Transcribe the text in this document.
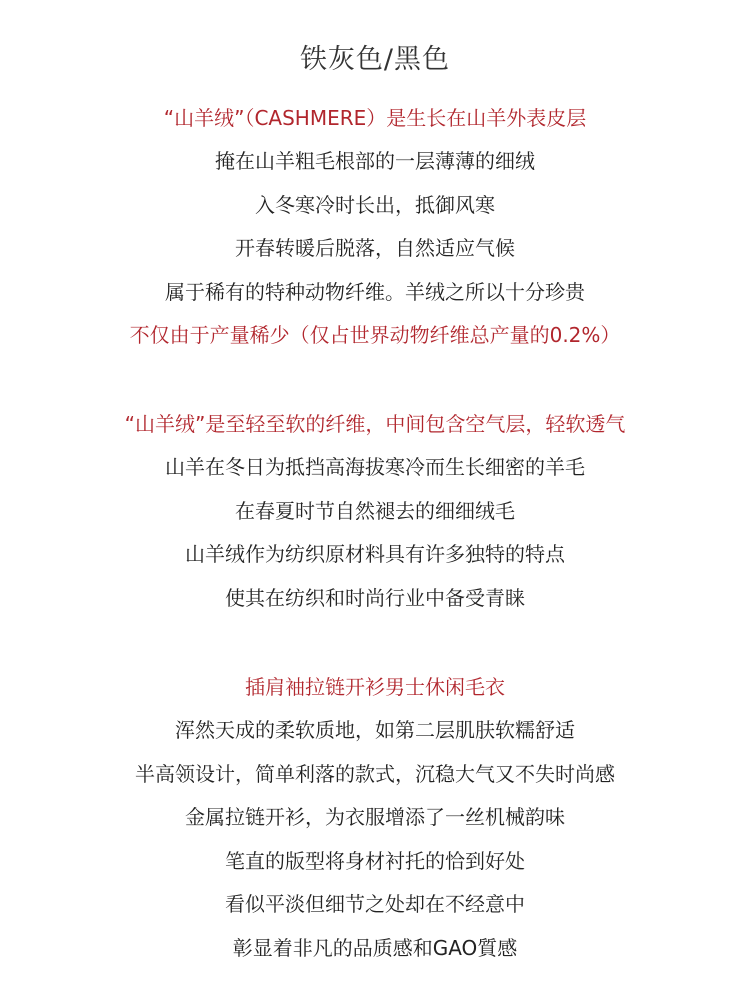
铁灰色/黑色
“山羊绒”（CASHMERE）是生长在山羊外表皮层
掩在山羊粗毛根部的一层薄薄的细绒
入冬寒冷时长出，抵御风寒
开春转暖后脱落，自然适应气候
属于稀有的特种动物纤维。羊绒之所以十分珍贵
不仅由于产量稀少（仅占世界动物纤维总产量的0.2%）
“山羊绒”是至轻至软的纤维，中间包含空气层，轻软透气
山羊在冬日为抵挡高海拔寒冷而生长细密的羊毛
在春夏时节自然褪去的细细绒毛
山羊绒作为纺织原材料具有许多独特的特点
使其在纺织和时尚行业中备受青睐
插肩袖拉链开衫男士休闲毛衣
浑然天成的柔软质地，如第二层肌肤软糯舒适
半高领设计，简单利落的款式，沉稳大气又不失时尚感
金属拉链开衫，为衣服增添了一丝机械韵味
笔直的版型将身材衬托的恰到好处
看似平淡但细节之处却在不经意中
彰显着非凡的品质感和GAO質感
